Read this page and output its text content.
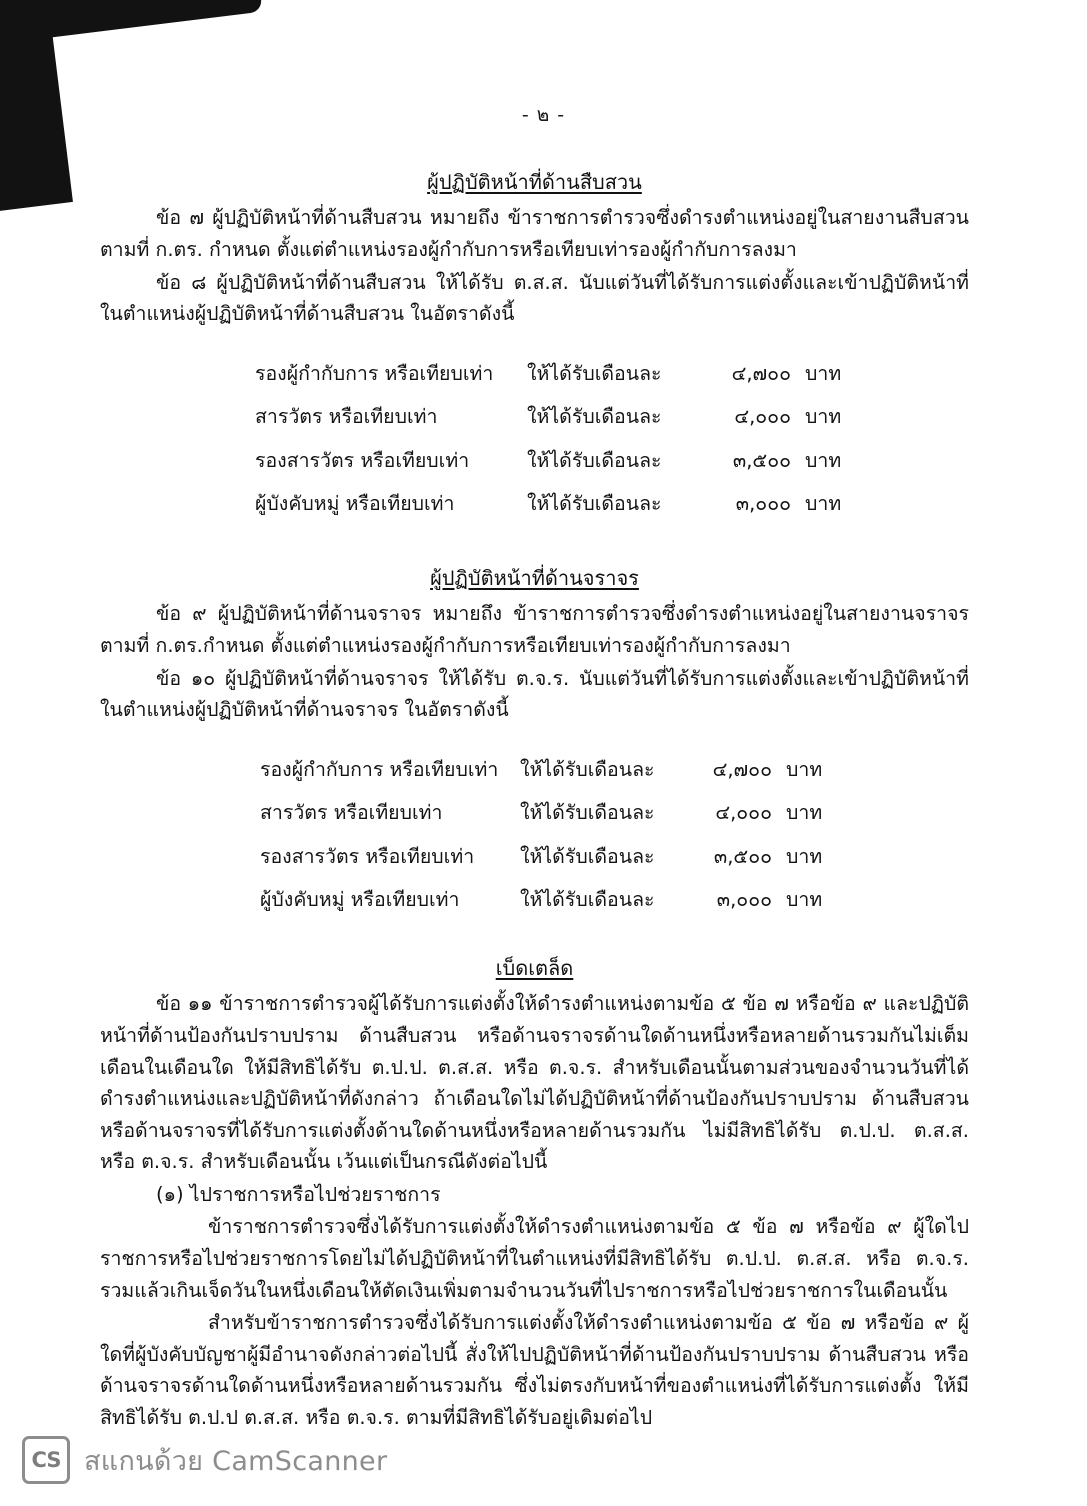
- ๒ -
ผู้ปฏิบัติหน้าที่ด้านสืบสวน

ข้อ ๗ ผู้ปฏิบัติหน้าที่ด้านสืบสวน หมายถึง ข้าราชการตำรวจซึ่งดำรงตำแหน่งอยู่ในสายงานสืบสวน ตามที่ ก.ตร. กำหนด ตั้งแต่ตำแหน่งรองผู้กำกับการหรือเทียบเท่ารองผู้กำกับการลงมา

ข้อ ๘ ผู้ปฏิบัติหน้าที่ด้านสืบสวน ให้ได้รับ ต.ส.ส. นับแต่วันที่ได้รับการแต่งตั้งและเข้าปฏิบัติหน้าที่ในตำแหน่งผู้ปฏิบัติหน้าที่ด้านสืบสวน ในอัตราดังนี้

รองผู้กำกับการ หรือเทียบเท่า	ให้ได้รับเดือนละ	๔,๗๐๐	บาท
สารวัตร หรือเทียบเท่า	ให้ได้รับเดือนละ	๔,๐๐๐	บาท
รองสารวัตร หรือเทียบเท่า	ให้ได้รับเดือนละ	๓,๕๐๐	บาท
ผู้บังคับหมู่ หรือเทียบเท่า	ให้ได้รับเดือนละ	๓,๐๐๐	บาท
ผู้ปฏิบัติหน้าที่ด้านจราจร

ข้อ ๙ ผู้ปฏิบัติหน้าที่ด้านจราจร หมายถึง ข้าราชการตำรวจซึ่งดำรงตำแหน่งอยู่ในสายงานจราจร ตามที่ ก.ตร.กำหนด ตั้งแต่ตำแหน่งรองผู้กำกับการหรือเทียบเท่ารองผู้กำกับการลงมา

ข้อ ๑๐ ผู้ปฏิบัติหน้าที่ด้านจราจร ให้ได้รับ ต.จ.ร. นับแต่วันที่ได้รับการแต่งตั้งและเข้าปฏิบัติหน้าที่ในตำแหน่งผู้ปฏิบัติหน้าที่ด้านจราจร ในอัตราดังนี้

รองผู้กำกับการ หรือเทียบเท่า	ให้ได้รับเดือนละ	๔,๗๐๐	บาท
สารวัตร หรือเทียบเท่า	ให้ได้รับเดือนละ	๔,๐๐๐	บาท
รองสารวัตร หรือเทียบเท่า	ให้ได้รับเดือนละ	๓,๕๐๐	บาท
ผู้บังคับหมู่ หรือเทียบเท่า	ให้ได้รับเดือนละ	๓,๐๐๐	บาท
เบ็ดเตล็ด

ข้อ ๑๑ ข้าราชการตำรวจผู้ได้รับการแต่งตั้งให้ดำรงตำแหน่งตามข้อ ๕ ข้อ ๗ หรือข้อ ๙ และปฏิบัติหน้าที่ด้านป้องกันปราบปราม ด้านสืบสวน หรือด้านจราจรด้านใดด้านหนึ่งหรือหลายด้านรวมกันไม่เต็มเดือนในเดือนใด ให้มีสิทธิได้รับ ต.ป.ป. ต.ส.ส. หรือ ต.จ.ร. สำหรับเดือนนั้นตามส่วนของจำนวนวันที่ได้ดำรงตำแหน่งและปฏิบัติหน้าที่ดังกล่าว ถ้าเดือนใดไม่ได้ปฏิบัติหน้าที่ด้านป้องกันปราบปราม ด้านสืบสวน หรือด้านจราจรที่ได้รับการแต่งตั้งด้านใดด้านหนึ่งหรือหลายด้านรวมกัน ไม่มีสิทธิได้รับ ต.ป.ป. ต.ส.ส. หรือ ต.จ.ร. สำหรับเดือนนั้น เว้นแต่เป็นกรณีดังต่อไปนี้

(๑) ไปราชการหรือไปช่วยราชการ

ข้าราชการตำรวจซึ่งได้รับการแต่งตั้งให้ดำรงตำแหน่งตามข้อ ๕ ข้อ ๗ หรือข้อ ๙ ผู้ใดไปราชการหรือไปช่วยราชการโดยไม่ได้ปฏิบัติหน้าที่ในตำแหน่งที่มีสิทธิได้รับ ต.ป.ป. ต.ส.ส. หรือ ต.จ.ร. รวมแล้วเกินเจ็ดวันในหนึ่งเดือนให้ตัดเงินเพิ่มตามจำนวนวันที่ไปราชการหรือไปช่วยราชการในเดือนนั้น

สำหรับข้าราชการตำรวจซึ่งได้รับการแต่งตั้งให้ดำรงตำแหน่งตามข้อ ๕ ข้อ ๗ หรือข้อ ๙ ผู้ใดที่ผู้บังคับบัญชาผู้มีอำนาจดังกล่าวต่อไปนี้ สั่งให้ไปปฏิบัติหน้าที่ด้านป้องกันปราบปราม ด้านสืบสวน หรือด้านจราจรด้านใดด้านหนึ่งหรือหลายด้านรวมกัน ซึ่งไม่ตรงกับหน้าที่ของตำแหน่งที่ได้รับการแต่งตั้ง ให้มีสิทธิได้รับ ต.ป.ป ต.ส.ส. หรือ ต.จ.ร. ตามที่มีสิทธิได้รับอยู่เดิมต่อไป

CS สแกนด้วย CamScanner
